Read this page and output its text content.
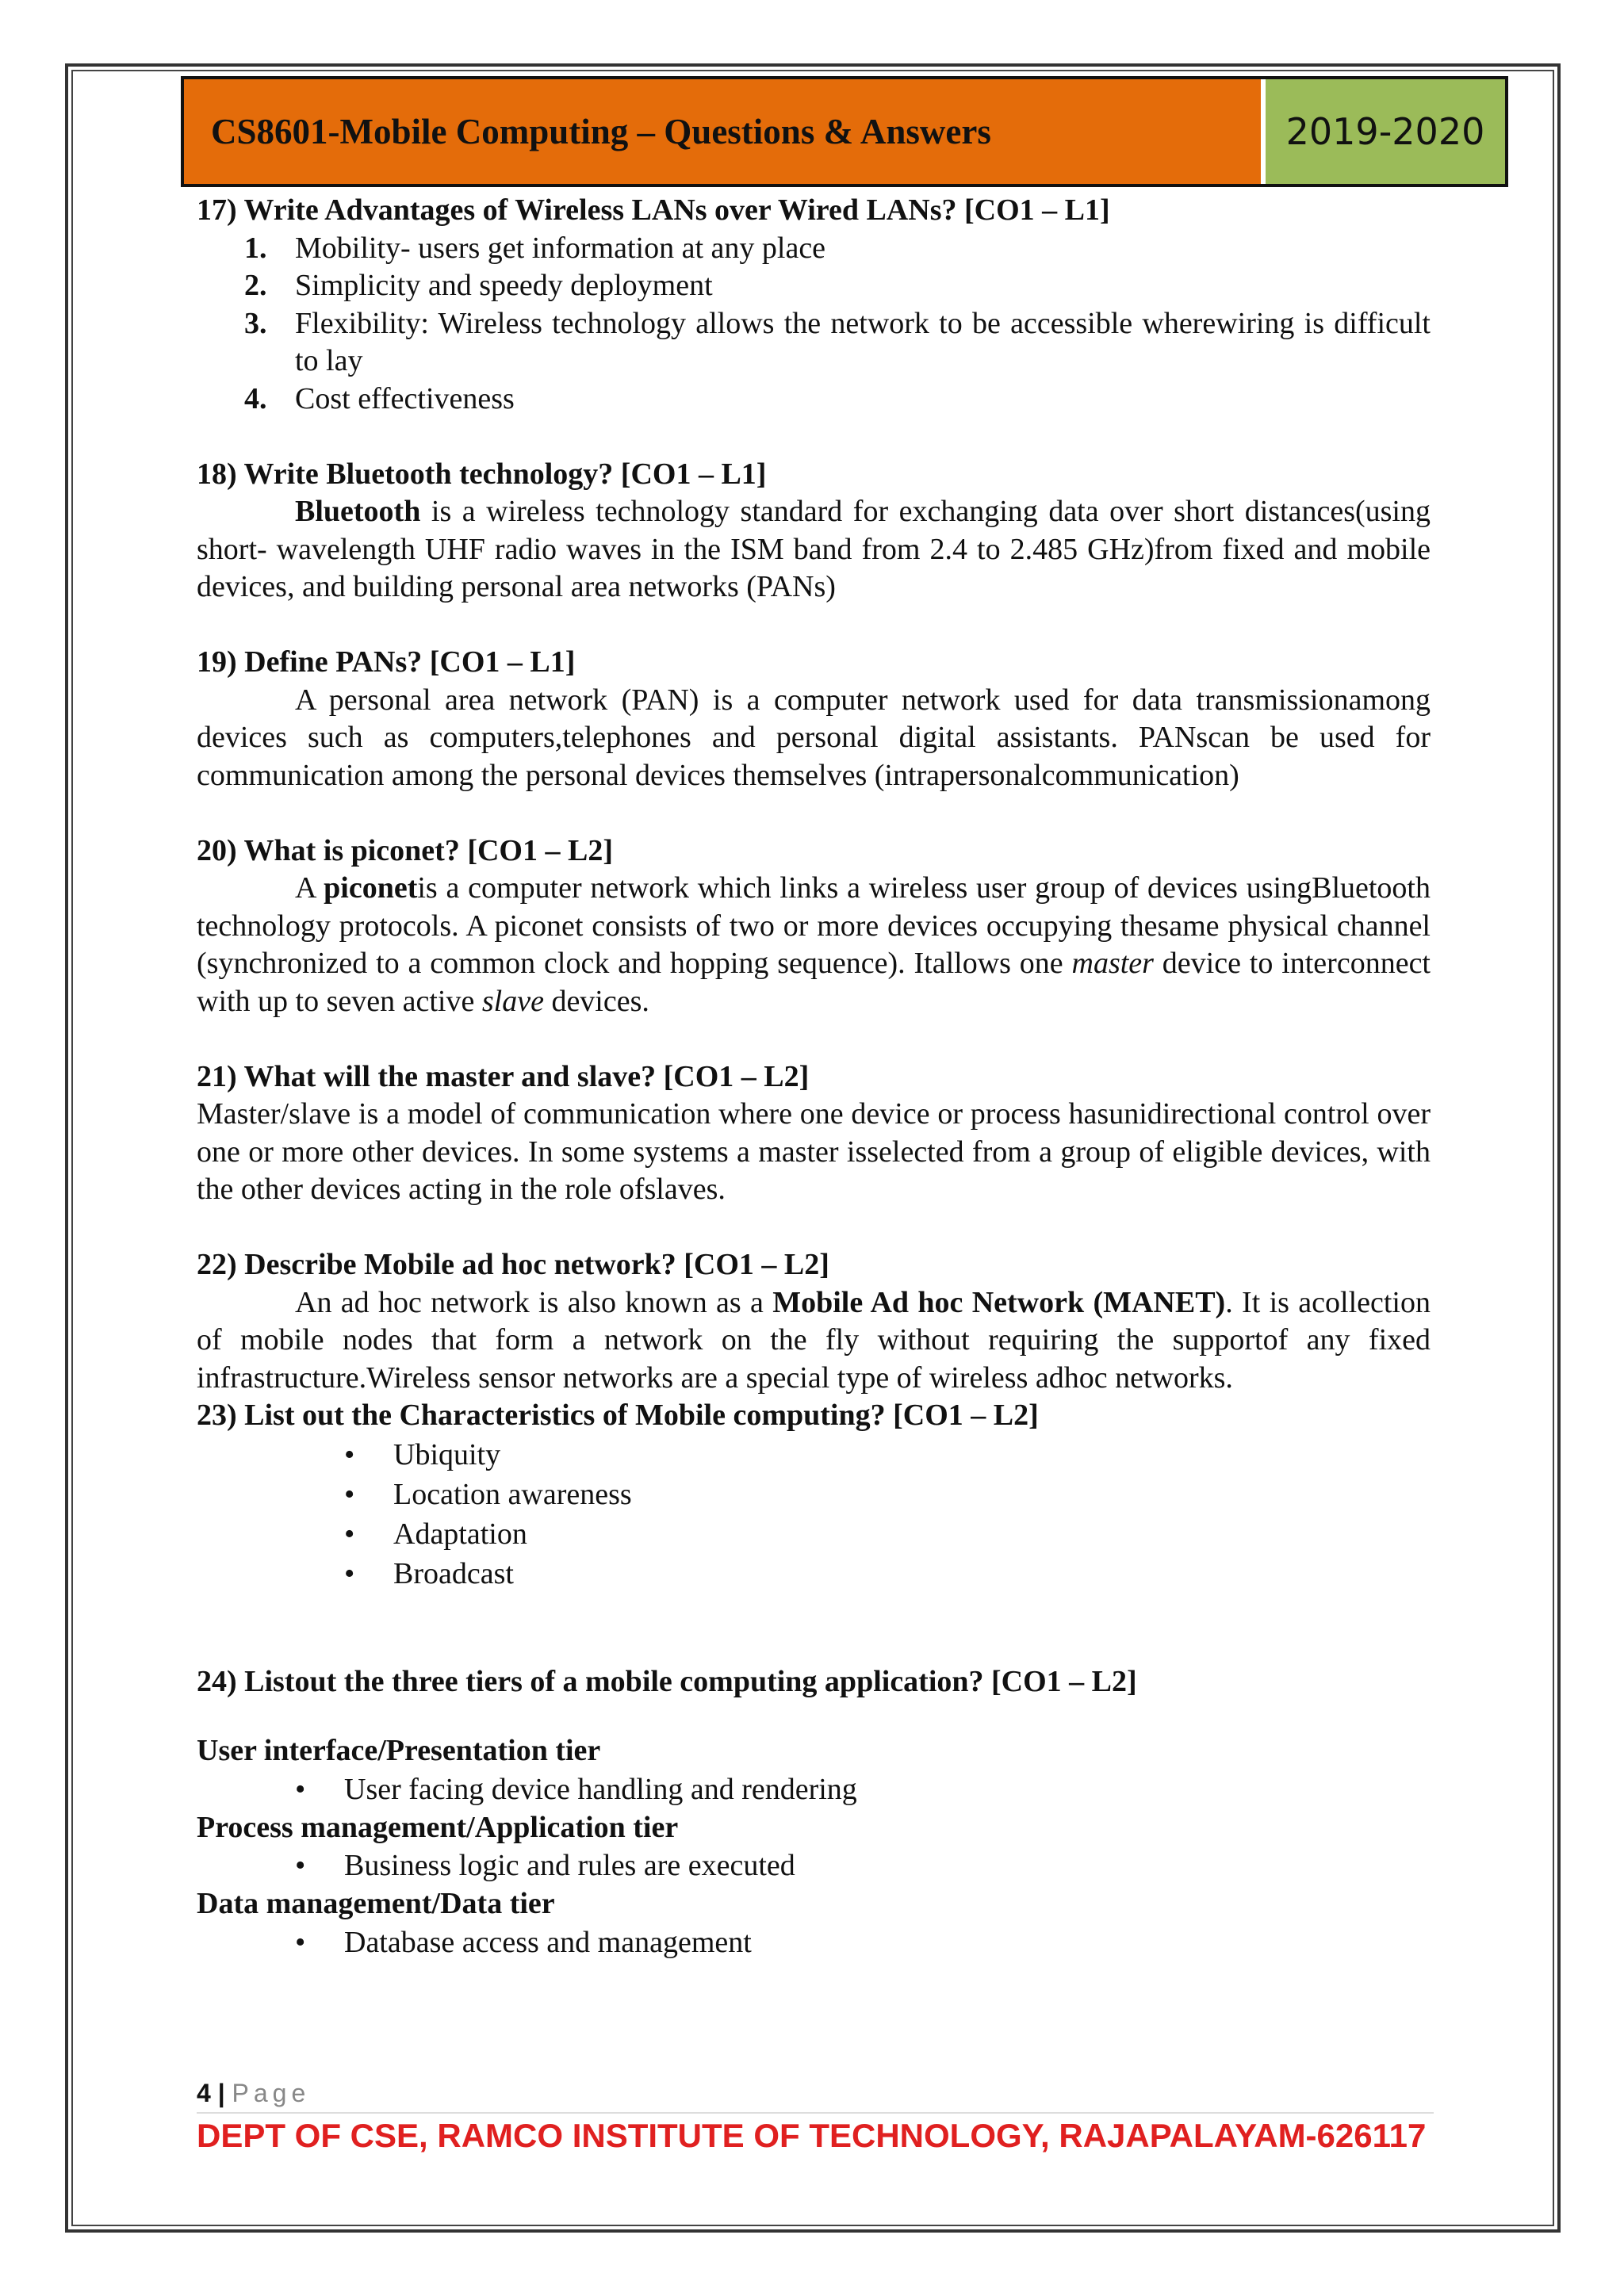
CS8601-Mobile Computing – Questions & Answers	2019-2020

17) Write Advantages of Wireless LANs over Wired LANs? [CO1 – L1]

1. Mobility- users get information at any place
2. Simplicity and speedy deployment
3. Flexibility: Wireless technology allows the network to be accessible wherewiring is difficult to lay
4. Cost effectiveness

18) Write Bluetooth technology? [CO1 – L1]

Bluetooth is a wireless technology standard for exchanging data over short distances(using short- wavelength UHF radio waves in the ISM band from 2.4 to 2.485 GHz)from fixed and mobile devices, and building personal area networks (PANs)

19) Define PANs? [CO1 – L1]

A personal area network (PAN) is a computer network used for data transmissionamong devices such as computers,telephones and personal digital assistants. PANscan be used for communication among the personal devices themselves (intrapersonalcommunication)

20) What is piconet? [CO1 – L2]

A piconetis a computer network which links a wireless user group of devices usingBluetooth technology protocols. A piconet consists of two or more devices occupying thesame physical channel (synchronized to a common clock and hopping sequence). Itallows one master device to interconnect with up to seven active slave devices.

21) What will the master and slave? [CO1 – L2]

Master/slave is a model of communication where one device or process hasunidirectional control over one or more other devices. In some systems a master isselected from a group of eligible devices, with the other devices acting in the role ofslaves.

22) Describe Mobile ad hoc network? [CO1 – L2]

An ad hoc network is also known as a Mobile Ad hoc Network (MANET). It is acollection of mobile nodes that form a network on the fly without requiring the supportof any fixed infrastructure.Wireless sensor networks are a special type of wireless adhoc networks.

23) List out the Characteristics of Mobile computing? [CO1 – L2]

• Ubiquity
• Location awareness
• Adaptation
• Broadcast

24) Listout the three tiers of a mobile computing application? [CO1 – L2]

User interface/Presentation tier

• User facing device handling and rendering

Process management/Application tier

• Business logic and rules are executed

Data management/Data tier

• Database access and management
4 | Page
DEPT OF CSE, RAMCO INSTITUTE OF TECHNOLOGY, RAJAPALAYAM-626117
